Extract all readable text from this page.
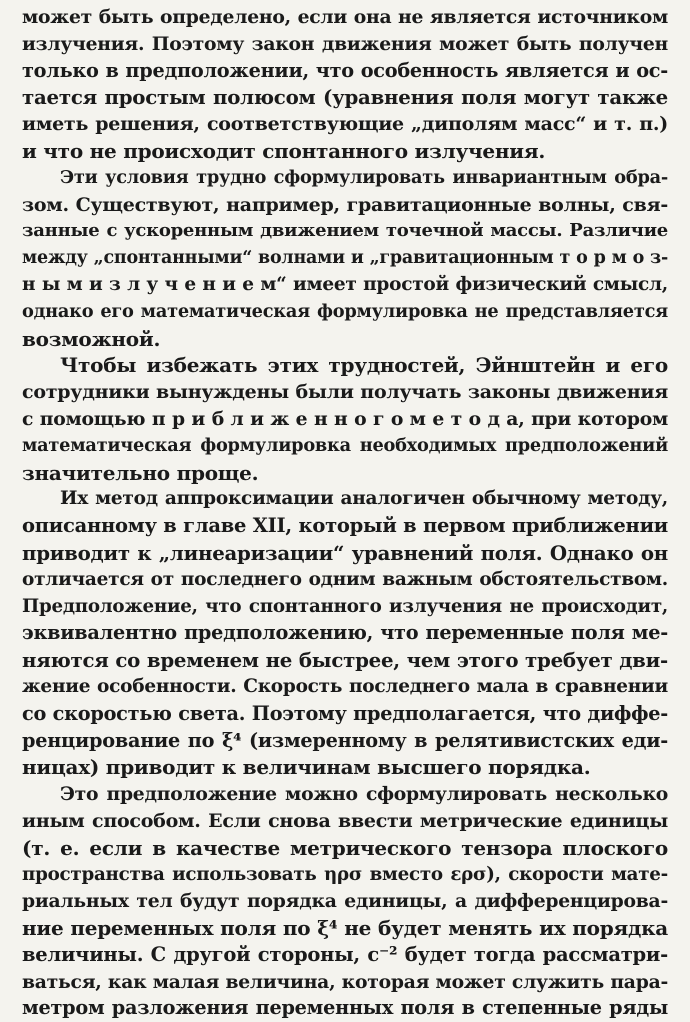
может быть определено, если она не является источником
излучения. Поэтому закон движения может быть получен
только в предположении, что особенность является и ос-
тается простым полюсом (уравнения поля могут также
иметь решения, соответствующие „диполям масс“ и т. п.)
и что не происходит спонтанного излучения.
Эти условия трудно сформулировать инвариантным обра-
зом. Существуют, например, гравитационные волны, свя-
занные с ускоренным движением точечной массы. Различие
между „спонтанными“ волнами и „гравитационным т о р м о з-
н ы м и з л у ч е н и е м“ имеет простой физический смысл,
однако его математическая формулировка не представляется
возможной.
Чтобы избежать этих трудностей, Эйнштейн и его
сотрудники вынуждены были получать законы движения
с помощью п р и б л и ж е н н о г о м е т о д а, при котором
математическая формулировка необходимых предположений
значительно проще.
Их метод аппроксимации аналогичен обычному методу,
описанному в главе XII, который в первом приближении
приводит к „линеаризации“ уравнений поля. Однако он
отличается от последнего одним важным обстоятельством.
Предположение, что спонтанного излучения не происходит,
эквивалентно предположению, что переменные поля ме-
няются со временем не быстрее, чем этого требует дви-
жение особенности. Скорость последнего мала в сравнении
со скоростью света. Поэтому предполагается, что диффе-
ренцирование по ξ⁴ (измеренному в релятивистских еди-
ницах) приводит к величинам высшего порядка.
Это предположение можно сформулировать несколько
иным способом. Если снова ввести метрические единицы
(т. е. если в качестве метрического тензора плоского
пространства использовать ηρσ вместо ερσ), скорости мате-
риальных тел будут порядка единицы, а дифференцирова-
ние переменных поля по ξ⁴ не будет менять их порядка
величины. С другой стороны, c⁻² будет тогда рассматри-
ваться, как малая величина, которая может служить пара-
метром разложения переменных поля в степенные ряды
